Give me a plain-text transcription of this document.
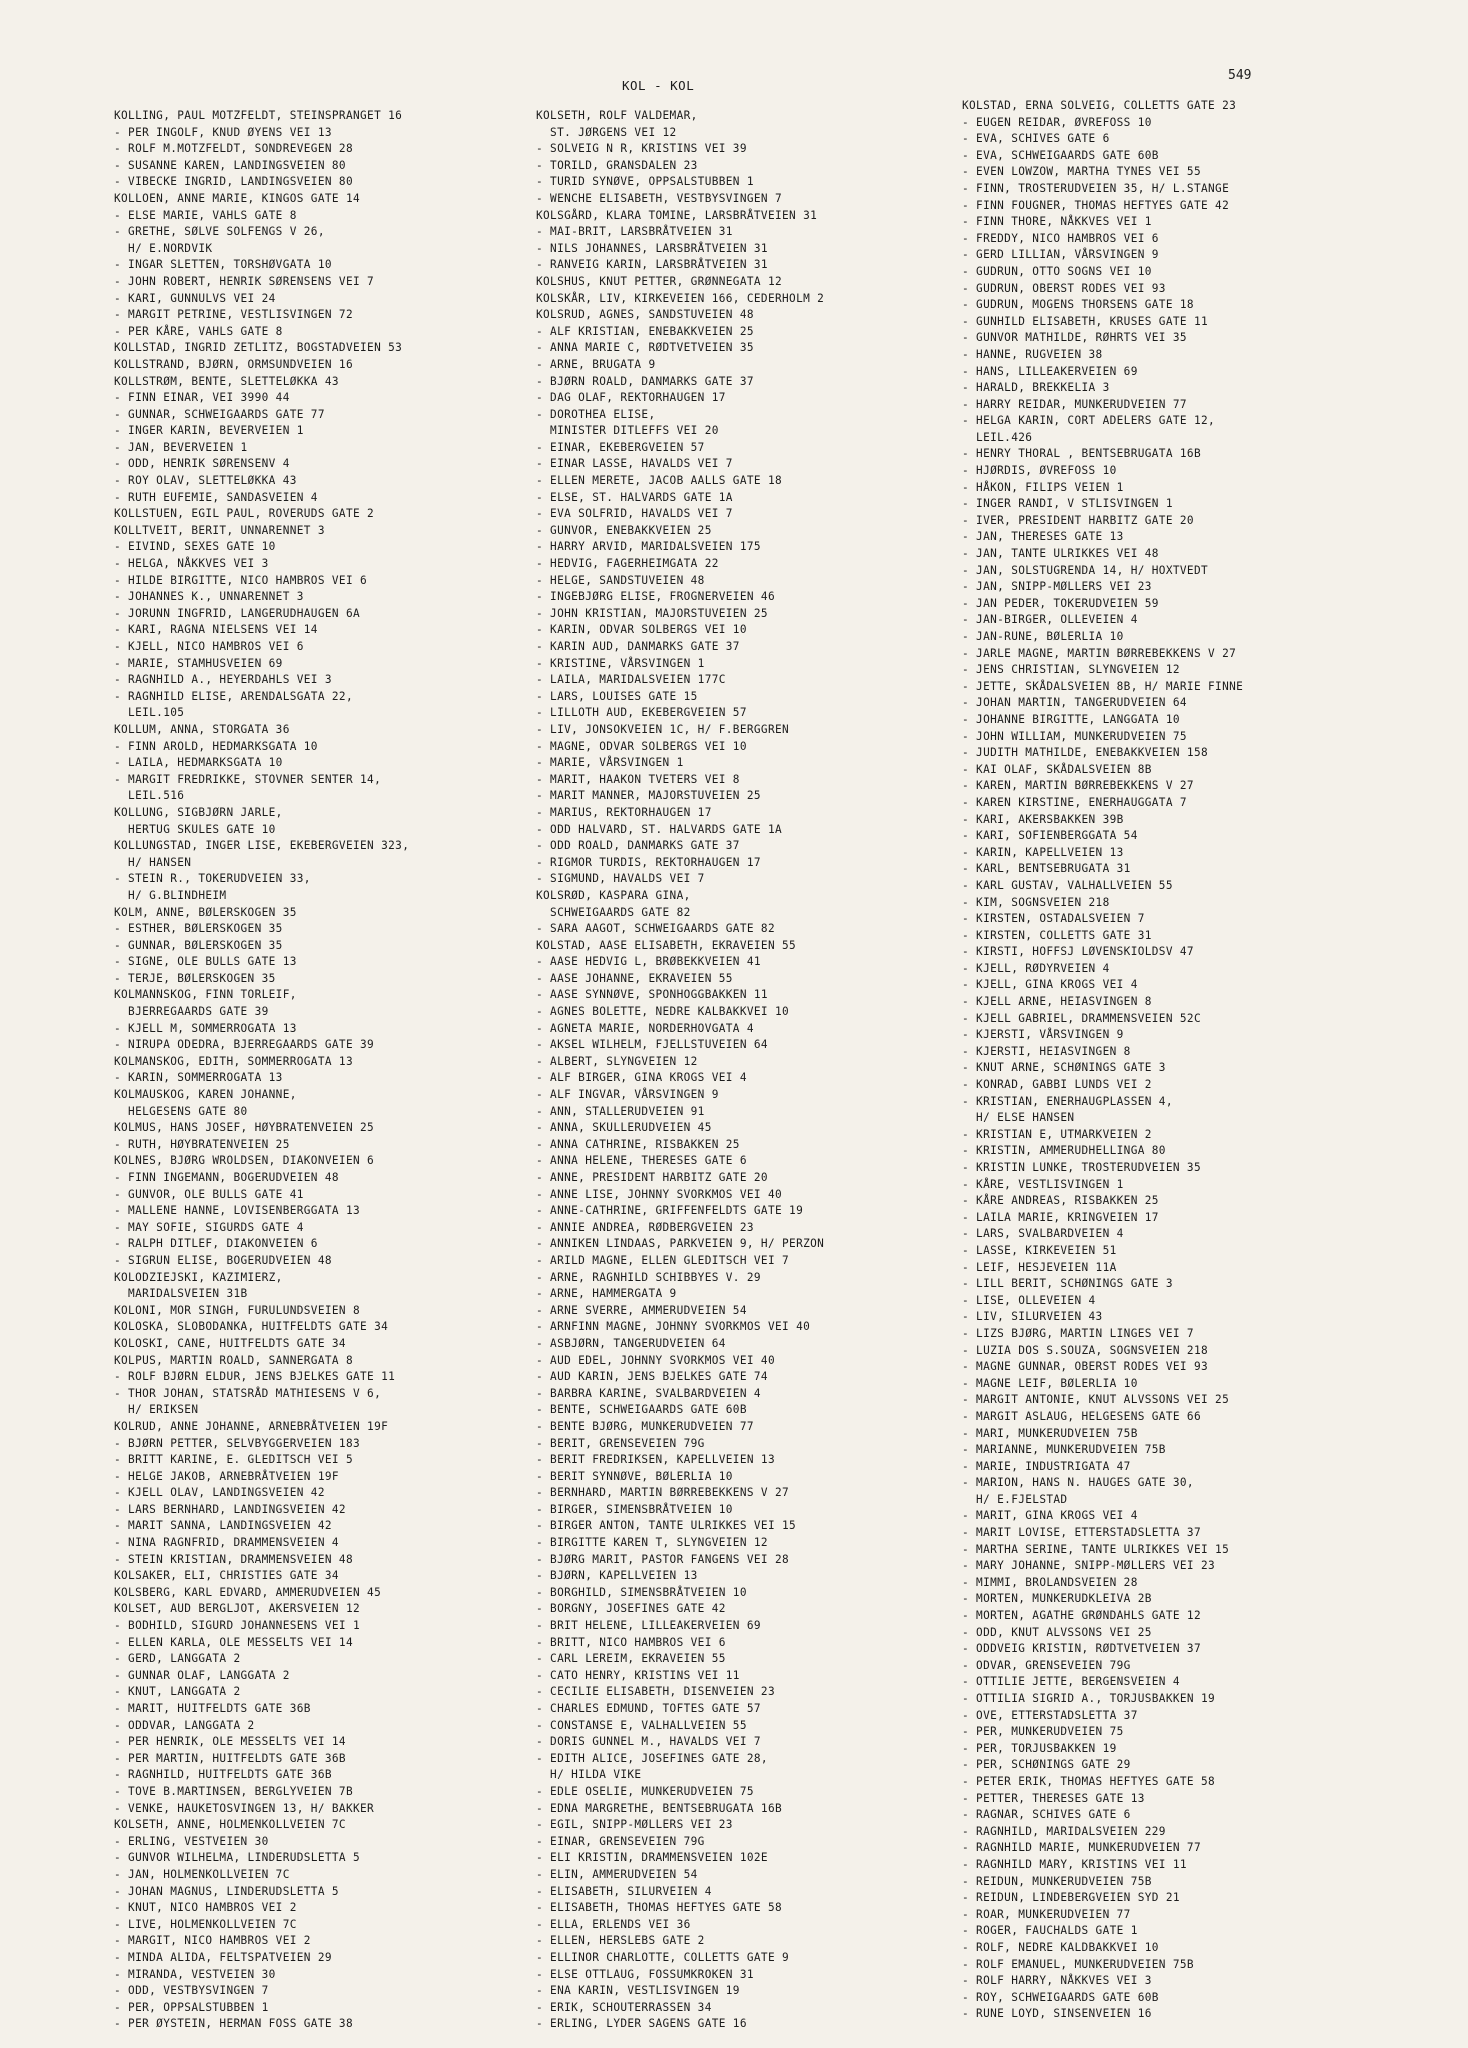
KOL - KOL
549
KOLLING, PAUL MOTZFELDT, STEINSPRANGET 16
- PER INGOLF, KNUD ØYENS VEI 13
- ROLF M.MOTZFELDT, SONDREVEGEN 28
- SUSANNE KAREN, LANDINGSVEIEN 80
- VIBECKE INGRID, LANDINGSVEIEN 80
KOLLOEN, ANNE MARIE, KINGOS GATE 14
- ELSE MARIE, VAHLS GATE 8
- GRETHE, SØLVE SOLFENGS V 26,
H/ E.NORDVIK
- INGAR SLETTEN, TORSHØVGATA 10
- JOHN ROBERT, HENRIK SØRENSENS VEI 7
- KARI, GUNNULVS VEI 24
- MARGIT PETRINE, VESTLISVINGEN 72
- PER KÅRE, VAHLS GATE 8
KOLLSTAD, INGRID ZETLITZ, BOGSTADVEIEN 53
KOLLSTRAND, BJØRN, ORMSUNDVEIEN 16
KOLLSTRØM, BENTE, SLETTELØKKA 43
- FINN EINAR, VEI 3990 44
- GUNNAR, SCHWEIGAARDS GATE 77
- INGER KARIN, BEVERVEIEN 1
- JAN, BEVERVEIEN 1
- ODD, HENRIK SØRENSENV 4
- ROY OLAV, SLETTELØKKA 43
- RUTH EUFEMIE, SANDASVEIEN 4
KOLLSTUEN, EGIL PAUL, ROVERUDS GATE 2
KOLLTVEIT, BERIT, UNNARENNET 3
- EIVIND, SEXES GATE 10
- HELGA, NÅKKVES VEI 3
- HILDE BIRGITTE, NICO HAMBROS VEI 6
- JOHANNES K., UNNARENNET 3
- JORUNN INGFRID, LANGERUDHAUGEN 6A
- KARI, RAGNA NIELSENS VEI 14
- KJELL, NICO HAMBROS VEI 6
- MARIE, STAMHUSVEIEN 69
- RAGNHILD A., HEYERDAHLS VEI 3
- RAGNHILD ELISE, ARENDALSGATA 22,
LEIL.105
KOLLUM, ANNA, STORGATA 36
- FINN AROLD, HEDMARKSGATA 10
- LAILA, HEDMARKSGATA 10
- MARGIT FREDRIKKE, STOVNER SENTER 14,
LEIL.516
KOLLUNG, SIGBJØRN JARLE,
HERTUG SKULES GATE 10
KOLLUNGSTAD, INGER LISE, EKEBERGVEIEN 323,
H/ HANSEN
- STEIN R., TOKERUDVEIEN 33,
H/ G.BLINDHEIM
KOLM, ANNE, BØLERSKOGEN 35
- ESTHER, BØLERSKOGEN 35
- GUNNAR, BØLERSKOGEN 35
- SIGNE, OLE BULLS GATE 13
- TERJE, BØLERSKOGEN 35
KOLMANNSKOG, FINN TORLEIF,
BJERREGAARDS GATE 39
- KJELL M, SOMMERROGATA 13
- NIRUPA ODEDRA, BJERREGAARDS GATE 39
KOLMANSKOG, EDITH, SOMMERROGATA 13
- KARIN, SOMMERROGATA 13
KOLMAUSKOG, KAREN JOHANNE,
HELGESENS GATE 80
KOLMUS, HANS JOSEF, HØYBRATENVEIEN 25
- RUTH, HØYBRATENVEIEN 25
KOLNES, BJØRG WROLDSEN, DIAKONVEIEN 6
- FINN INGEMANN, BOGERUDVEIEN 48
- GUNVOR, OLE BULLS GATE 41
- MALLENE HANNE, LOVISENBERGGATA 13
- MAY SOFIE, SIGURDS GATE 4
- RALPH DITLEF, DIAKONVEIEN 6
- SIGRUN ELISE, BOGERUDVEIEN 48
KOLODZIEJSKI, KAZIMIERZ,
MARIDALSVEIEN 31B
KOLONI, MOR SINGH, FURULUNDSVEIEN 8
KOLOSKA, SLOBODANKA, HUITFELDTS GATE 34
KOLOSKI, CANE, HUITFELDTS GATE 34
KOLPUS, MARTIN ROALD, SANNERGATA 8
- ROLF BJØRN ELDUR, JENS BJELKES GATE 11
- THOR JOHAN, STATSRÅD MATHIESENS V 6,
H/ ERIKSEN
KOLRUD, ANNE JOHANNE, ARNEBRÅTVEIEN 19F
- BJØRN PETTER, SELVBYGGERVEIEN 183
- BRITT KARINE, E. GLEDITSCH VEI 5
- HELGE JAKOB, ARNEBRÅTVEIEN 19F
- KJELL OLAV, LANDINGSVEIEN 42
- LARS BERNHARD, LANDINGSVEIEN 42
- MARIT SANNA, LANDINGSVEIEN 42
- NINA RAGNFRID, DRAMMENSVEIEN 4
- STEIN KRISTIAN, DRAMMENSVEIEN 48
KOLSAKER, ELI, CHRISTIES GATE 34
KOLSBERG, KARL EDVARD, AMMERUDVEIEN 45
KOLSET, AUD BERGLJOT, AKERSVEIEN 12
- BODHILD, SIGURD JOHANNESENS VEI 1
- ELLEN KARLA, OLE MESSELTS VEI 14
- GERD, LANGGATA 2
- GUNNAR OLAF, LANGGATA 2
- KNUT, LANGGATA 2
- MARIT, HUITFELDTS GATE 36B
- ODDVAR, LANGGATA 2
- PER HENRIK, OLE MESSELTS VEI 14
- PER MARTIN, HUITFELDTS GATE 36B
- RAGNHILD, HUITFELDTS GATE 36B
- TOVE B.MARTINSEN, BERGLYVEIEN 7B
- VENKE, HAUKETOSVINGEN 13, H/ BAKKER
KOLSETH, ANNE, HOLMENKOLLVEIEN 7C
- ERLING, VESTVEIEN 30
- GUNVOR WILHELMA, LINDERUDSLETTA 5
- JAN, HOLMENKOLLVEIEN 7C
- JOHAN MAGNUS, LINDERUDSLETTA 5
- KNUT, NICO HAMBROS VEI 2
- LIVE, HOLMENKOLLVEIEN 7C
- MARGIT, NICO HAMBROS VEI 2
- MINDA ALIDA, FELTSPATVEIEN 29
- MIRANDA, VESTVEIEN 30
- ODD, VESTBYSVINGEN 7
- PER, OPPSALSTUBBEN 1
- PER ØYSTEIN, HERMAN FOSS GATE 38
KOLSETH, ROLF VALDEMAR,
ST. JØRGENS VEI 12
- SOLVEIG N R, KRISTINS VEI 39
- TORILD, GRANSDALEN 23
- TURID SYNØVE, OPPSALSTUBBEN 1
- WENCHE ELISABETH, VESTBYSVINGEN 7
KOLSGÅRD, KLARA TOMINE, LARSBRÅTVEIEN 31
- MAI-BRIT, LARSBRÅTVEIEN 31
- NILS JOHANNES, LARSBRÅTVEIEN 31
- RANVEIG KARIN, LARSBRÅTVEIEN 31
KOLSHUS, KNUT PETTER, GRØNNEGATA 12
KOLSKÅR, LIV, KIRKEVEIEN 166, CEDERHOLM 2
KOLSRUD, AGNES, SANDSTUVEIEN 48
- ALF KRISTIAN, ENEBAKKVEIEN 25
- ANNA MARIE C, RØDTVETVEIEN 35
- ARNE, BRUGATA 9
- BJØRN ROALD, DANMARKS GATE 37
- DAG OLAF, REKTORHAUGEN 17
- DOROTHEA ELISE,
MINISTER DITLEFFS VEI 20
- EINAR, EKEBERGVEIEN 57
- EINAR LASSE, HAVALDS VEI 7
- ELLEN MERETE, JACOB AALLS GATE 18
- ELSE, ST. HALVARDS GATE 1A
- EVA SOLFRID, HAVALDS VEI 7
- GUNVOR, ENEBAKKVEIEN 25
- HARRY ARVID, MARIDALSVEIEN 175
- HEDVIG, FAGERHEIMGATA 22
- HELGE, SANDSTUVEIEN 48
- INGEBJØRG ELISE, FROGNERVEIEN 46
- JOHN KRISTIAN, MAJORSTUVEIEN 25
- KARIN, ODVAR SOLBERGS VEI 10
- KARIN AUD, DANMARKS GATE 37
- KRISTINE, VÅRSVINGEN 1
- LAILA, MARIDALSVEIEN 177C
- LARS, LOUISES GATE 15
- LILLOTH AUD, EKEBERGVEIEN 57
- LIV, JONSOKVEIEN 1C, H/ F.BERGGREN
- MAGNE, ODVAR SOLBERGS VEI 10
- MARIE, VÅRSVINGEN 1
- MARIT, HAAKON TVETERS VEI 8
- MARIT MANNER, MAJORSTUVEIEN 25
- MARIUS, REKTORHAUGEN 17
- ODD HALVARD, ST. HALVARDS GATE 1A
- ODD ROALD, DANMARKS GATE 37
- RIGMOR TURDIS, REKTORHAUGEN 17
- SIGMUND, HAVALDS VEI 7
KOLSRØD, KASPARA GINA,
SCHWEIGAARDS GATE 82
- SARA AAGOT, SCHWEIGAARDS GATE 82
KOLSTAD, AASE ELISABETH, EKRAVEIEN 55
- AASE HEDVIG L, BRØBEKKVEIEN 41
- AASE JOHANNE, EKRAVEIEN 55
- AASE SYNNØVE, SPONHOGGBAKKEN 11
- AGNES BOLETTE, NEDRE KALBAKKVEI 10
- AGNETA MARIE, NORDERHOVGATA 4
- AKSEL WILHELM, FJELLSTUVEIEN 64
- ALBERT, SLYNGVEIEN 12
- ALF BIRGER, GINA KROGS VEI 4
- ALF INGVAR, VÅRSVINGEN 9
- ANN, STALLERUDVEIEN 91
- ANNA, SKULLERUDVEIEN 45
- ANNA CATHRINE, RISBAKKEN 25
- ANNA HELENE, THERESES GATE 6
- ANNE, PRESIDENT HARBITZ GATE 20
- ANNE LISE, JOHNNY SVORKMOS VEI 40
- ANNE-CATHRINE, GRIFFENFELDTS GATE 19
- ANNIE ANDREA, RØDBERGVEIEN 23
- ANNIKEN LINDAAS, PARKVEIEN 9, H/ PERZON
- ARILD MAGNE, ELLEN GLEDITSCH VEI 7
- ARNE, RAGNHILD SCHIBBYES V. 29
- ARNE, HAMMERGATA 9
- ARNE SVERRE, AMMERUDVEIEN 54
- ARNFINN MAGNE, JOHNNY SVORKMOS VEI 40
- ASBJØRN, TANGERUDVEIEN 64
- AUD EDEL, JOHNNY SVORKMOS VEI 40
- AUD KARIN, JENS BJELKES GATE 74
- BARBRA KARINE, SVALBARDVEIEN 4
- BENTE, SCHWEIGAARDS GATE 60B
- BENTE BJØRG, MUNKERUDVEIEN 77
- BERIT, GRENSEVEIEN 79G
- BERIT FREDRIKSEN, KAPELLVEIEN 13
- BERIT SYNNØVE, BØLERLIA 10
- BERNHARD, MARTIN BØRREBEKKENS V 27
- BIRGER, SIMENSBRÅTVEIEN 10
- BIRGER ANTON, TANTE ULRIKKES VEI 15
- BIRGITTE KAREN T, SLYNGVEIEN 12
- BJØRG MARIT, PASTOR FANGENS VEI 28
- BJØRN, KAPELLVEIEN 13
- BORGHILD, SIMENSBRÅTVEIEN 10
- BORGNY, JOSEFINES GATE 42
- BRIT HELENE, LILLEAKERVEIEN 69
- BRITT, NICO HAMBROS VEI 6
- CARL LEREIM, EKRAVEIEN 55
- CATO HENRY, KRISTINS VEI 11
- CECILIE ELISABETH, DISENVEIEN 23
- CHARLES EDMUND, TOFTES GATE 57
- CONSTANSE E, VALHALLVEIEN 55
- DORIS GUNNEL M., HAVALDS VEI 7
- EDITH ALICE, JOSEFINES GATE 28,
H/ HILDA VIKE
- EDLE OSELIE, MUNKERUDVEIEN 75
- EDNA MARGRETHE, BENTSEBRUGATA 16B
- EGIL, SNIPP-MØLLERS VEI 23
- EINAR, GRENSEVEIEN 79G
- ELI KRISTIN, DRAMMENSVEIEN 102E
- ELIN, AMMERUDVEIEN 54
- ELISABETH, SILURVEIEN 4
- ELISABETH, THOMAS HEFTYES GATE 58
- ELLA, ERLENDS VEI 36
- ELLEN, HERSLEBS GATE 2
- ELLINOR CHARLOTTE, COLLETTS GATE 9
- ELSE OTTLAUG, FOSSUMKROKEN 31
- ENA KARIN, VESTLISVINGEN 19
- ERIK, SCHOUTERRASSEN 34
- ERLING, LYDER SAGENS GATE 16
KOLSTAD, ERNA SOLVEIG, COLLETTS GATE 23
- EUGEN REIDAR, ØVREFOSS 10
- EVA, SCHIVES GATE 6
- EVA, SCHWEIGAARDS GATE 60B
- EVEN LOWZOW, MARTHA TYNES VEI 55
- FINN, TROSTERUDVEIEN 35, H/ L.STANGE
- FINN FOUGNER, THOMAS HEFTYES GATE 42
- FINN THORE, NÅKKVES VEI 1
- FREDDY, NICO HAMBROS VEI 6
- GERD LILLIAN, VÅRSVINGEN 9
- GUDRUN, OTTO SOGNS VEI 10
- GUDRUN, OBERST RODES VEI 93
- GUDRUN, MOGENS THORSENS GATE 18
- GUNHILD ELISABETH, KRUSES GATE 11
- GUNVOR MATHILDE, RØHRTS VEI 35
- HANNE, RUGVEIEN 38
- HANS, LILLEAKERVEIEN 69
- HARALD, BREKKELIA 3
- HARRY REIDAR, MUNKERUDVEIEN 77
- HELGA KARIN, CORT ADELERS GATE 12,
LEIL.426
- HENRY THORAL , BENTSEBRUGATA 16B
- HJØRDIS, ØVREFOSS 10
- HÅKON, FILIPS VEIEN 1
- INGER RANDI, V STLISVINGEN 1
- IVER, PRESIDENT HARBITZ GATE 20
- JAN, THERESES GATE 13
- JAN, TANTE ULRIKKES VEI 48
- JAN, SOLSTUGRENDA 14, H/ HOXTVEDT
- JAN, SNIPP-MØLLERS VEI 23
- JAN PEDER, TOKERUDVEIEN 59
- JAN-BIRGER, OLLEVEIEN 4
- JAN-RUNE, BØLERLIA 10
- JARLE MAGNE, MARTIN BØRREBEKKENS V 27
- JENS CHRISTIAN, SLYNGVEIEN 12
- JETTE, SKÅDALSVEIEN 8B, H/ MARIE FINNE
- JOHAN MARTIN, TANGERUDVEIEN 64
- JOHANNE BIRGITTE, LANGGATA 10
- JOHN WILLIAM, MUNKERUDVEIEN 75
- JUDITH MATHILDE, ENEBAKKVEIEN 158
- KAI OLAF, SKÅDALSVEIEN 8B
- KAREN, MARTIN BØRREBEKKENS V 27
- KAREN KIRSTINE, ENERHAUGGATA 7
- KARI, AKERSBAKKEN 39B
- KARI, SOFIENBERGGATA 54
- KARIN, KAPELLVEIEN 13
- KARL, BENTSEBRUGATA 31
- KARL GUSTAV, VALHALLVEIEN 55
- KIM, SOGNSVEIEN 218
- KIRSTEN, OSTADALSVEIEN 7
- KIRSTEN, COLLETTS GATE 31
- KIRSTI, HOFFSJ LØVENSKIOLDSV 47
- KJELL, RØDYRVEIEN 4
- KJELL, GINA KROGS VEI 4
- KJELL ARNE, HEIASVINGEN 8
- KJELL GABRIEL, DRAMMENSVEIEN 52C
- KJERSTI, VÅRSVINGEN 9
- KJERSTI, HEIASVINGEN 8
- KNUT ARNE, SCHØNINGS GATE 3
- KONRAD, GABBI LUNDS VEI 2
- KRISTIAN, ENERHAUGPLASSEN 4,
H/ ELSE HANSEN
- KRISTIAN E, UTMARKVEIEN 2
- KRISTIN, AMMERUDHELLINGA 80
- KRISTIN LUNKE, TROSTERUDVEIEN 35
- KÅRE, VESTLISVINGEN 1
- KÅRE ANDREAS, RISBAKKEN 25
- LAILA MARIE, KRINGVEIEN 17
- LARS, SVALBARDVEIEN 4
- LASSE, KIRKEVEIEN 51
- LEIF, HESJEVEIEN 11A
- LILL BERIT, SCHØNINGS GATE 3
- LISE, OLLEVEIEN 4
- LIV, SILURVEIEN 43
- LIZS BJØRG, MARTIN LINGES VEI 7
- LUZIA DOS S.SOUZA, SOGNSVEIEN 218
- MAGNE GUNNAR, OBERST RODES VEI 93
- MAGNE LEIF, BØLERLIA 10
- MARGIT ANTONIE, KNUT ALVSSONS VEI 25
- MARGIT ASLAUG, HELGESENS GATE 66
- MARI, MUNKERUDVEIEN 75B
- MARIANNE, MUNKERUDVEIEN 75B
- MARIE, INDUSTRIGATA 47
- MARION, HANS N. HAUGES GATE 30,
H/ E.FJELSTAD
- MARIT, GINA KROGS VEI 4
- MARIT LOVISE, ETTERSTADSLETTA 37
- MARTHA SERINE, TANTE ULRIKKES VEI 15
- MARY JOHANNE, SNIPP-MØLLERS VEI 23
- MIMMI, BROLANDSVEIEN 28
- MORTEN, MUNKERUDKLEIVA 2B
- MORTEN, AGATHE GRØNDAHLS GATE 12
- ODD, KNUT ALVSSONS VEI 25
- ODDVEIG KRISTIN, RØDTVETVEIEN 37
- ODVAR, GRENSEVEIEN 79G
- OTTILIE JETTE, BERGENSVEIEN 4
- OTTILIA SIGRID A., TORJUSBAKKEN 19
- OVE, ETTERSTADSLETTA 37
- PER, MUNKERUDVEIEN 75
- PER, TORJUSBAKKEN 19
- PER, SCHØNINGS GATE 29
- PETER ERIK, THOMAS HEFTYES GATE 58
- PETTER, THERESES GATE 13
- RAGNAR, SCHIVES GATE 6
- RAGNHILD, MARIDALSVEIEN 229
- RAGNHILD MARIE, MUNKERUDVEIEN 77
- RAGNHILD MARY, KRISTINS VEI 11
- REIDUN, MUNKERUDVEIEN 75B
- REIDUN, LINDEBERGVEIEN SYD 21
- ROAR, MUNKERUDVEIEN 77
- ROGER, FAUCHALDS GATE 1
- ROLF, NEDRE KALDBAKKVEI 10
- ROLF EMANUEL, MUNKERUDVEIEN 75B
- ROLF HARRY, NÅKKVES VEI 3
- ROY, SCHWEIGAARDS GATE 60B
- RUNE LOYD, SINSENVEIEN 16
